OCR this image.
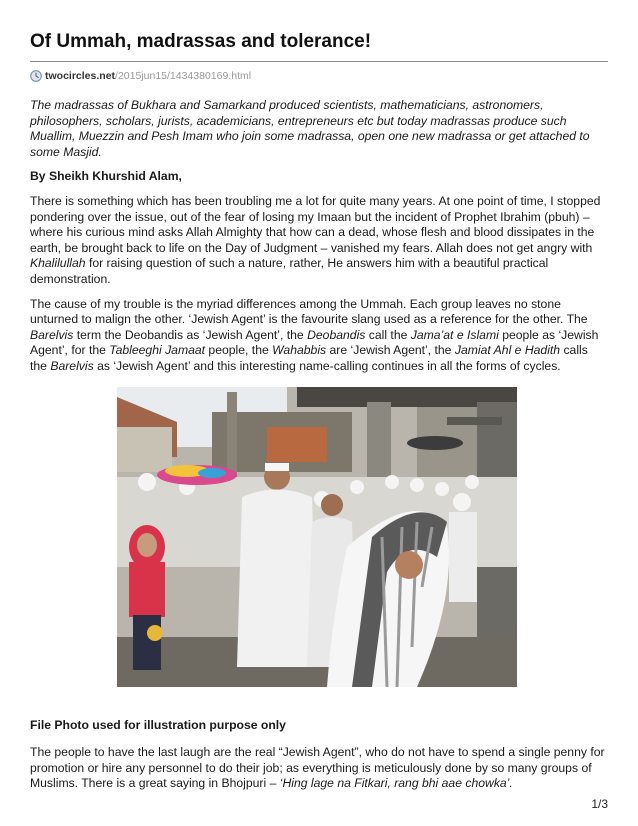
Of Ummah, madrassas and tolerance!
twocircles.net /2015jun15/1434380169.html

The madrassas of Bukhara and Samarkand produced scientists, mathematicians, astronomers, philosophers, scholars, jurists, academicians, entrepreneurs etc but today madrassas produce such Muallim, Muezzin and Pesh Imam who join some madrassa, open one new madrassa or get attached to some Masjid.

By Sheikh Khurshid Alam,

There is something which has been troubling me a lot for quite many years. At one point of time, I stopped pondering over the issue, out of the fear of losing my Imaan but the incident of Prophet Ibrahim (pbuh) – where his curious mind asks Allah Almighty that how can a dead, whose flesh and blood dissipates in the earth, be brought back to life on the Day of Judgment – vanished my fears. Allah does not get angry with Khalilullah for raising question of such a nature, rather, He answers him with a beautiful practical demonstration.

The cause of my trouble is the myriad differences among the Ummah. Each group leaves no stone unturned to malign the other. ‘Jewish Agent’ is the favourite slang used as a reference for the other. The Barelvis term the Deobandis as ‘Jewish Agent’, the Deobandis call the Jama’at e Islami people as ‘Jewish Agent’, for the Tableeghi Jamaat people, the Wahabbis are ‘Jewish Agent’, the Jamiat Ahl e Hadith calls the Barelvis as ‘Jewish Agent’ and this interesting name-calling continues in all the forms of cycles.

File Photo used for illustration purpose only

The people to have the last laugh are the real “Jewish Agent”, who do not have to spend a single penny for promotion or hire any personnel to do their job; as everything is meticulously done by so many groups of Muslims. There is a great saying in Bhojpuri – ‘Hing lage na Fitkari, rang bhi aae chowka’.

1/3
